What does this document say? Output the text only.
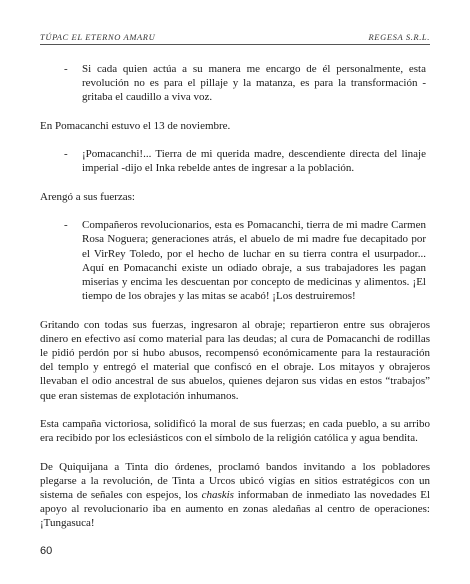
TÚPAC EL ETERNO AMARU	REGESA S.R.L.
-	Si cada quien actúa a su manera me encargo de él personalmente, esta revolución no es para el pillaje y la matanza, es para la transformación -gritaba el caudillo a viva voz.

En Pomacanchi estuvo el 13 de noviembre.

-	¡Pomacanchi!... Tierra de mi querida madre, descendiente directa del linaje imperial -dijo el Inka rebelde antes de ingresar a la población.

Arengó a sus fuerzas:

-	Compañeros revolucionarios, esta es Pomacanchi, tierra de mi madre Carmen Rosa Noguera; generaciones atrás, el abuelo de mi madre fue decapitado por el VirRey Toledo, por el hecho de luchar en su tierra contra el usurpador... Aquí en Pomacanchi existe un odiado obraje, a sus trabajadores les pagan miserias y encima les descuentan por concepto de medicinas y alimentos. ¡El tiempo de los obrajes y las mitas se acabó! ¡Los destruiremos!

Gritando con todas sus fuerzas, ingresaron al obraje; repartieron entre sus obrajeros dinero en efectivo así como material para las deudas; al cura de Pomacanchi de rodillas le pidió perdón por si hubo abusos, recompensó económicamente para la restauración del templo y entregó el material que confiscó en el obraje. Los mitayos y obrajeros llevaban el odio ancestral de sus abuelos, quienes dejaron sus vidas en estos “trabajos” que eran sistemas de explotación inhumanos.

Esta campaña victoriosa, solidificó la moral de sus fuerzas; en cada pueblo, a su arribo era recibido por los eclesiásticos con el símbolo de la religión católica y agua bendita.

De Quiquijana a Tinta dio órdenes, proclamó bandos invitando a los pobladores plegarse a la revolución, de Tinta a Urcos ubicó vigías en sitios estratégicos con un sistema de señales con espejos, los chaskis informaban de inmediato las novedades El apoyo al revolucionario iba en aumento en zonas aledañas al centro de operaciones: ¡Tungasuca!

60
